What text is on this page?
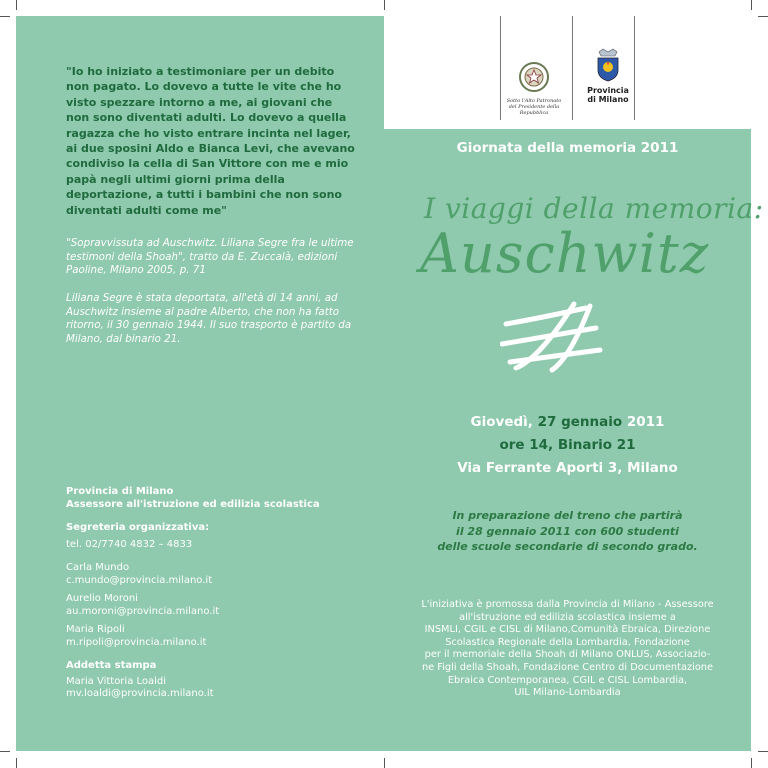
Sotto l'Alto Patronato del Presidente della Repubblica
Provincia
di Milano

"Io ho iniziato a testimoniare per un debito non pagato. Lo dovevo a tutte le vite che ho visto spezzare intorno a me, ai giovani che non sono diventati adulti. Lo dovevo a quella ragazza che ho visto entrare incinta nel lager, ai due sposini Aldo e Bianca Levi, che avevano condiviso la cella di San Vittore con me e mio papà negli ultimi giorni prima della deportazione, a tutti i bambini che non sono diventati adulti come me"

"Sopravvissuta ad Auschwitz. Liliana Segre fra le ultime testimoni della Shoah", tratto da E. Zuccalà, edizioni Paoline, Milano 2005, p. 71

Liliana Segre è stata deportata, all'età di 14 anni, ad Auschwitz insieme al padre Alberto, che non ha fatto ritorno, il 30 gennaio 1944. Il suo trasporto è partito da Milano, dal binario 21.

Provincia di Milano
Assessore all'istruzione ed edilizia scolastica
Segreteria organizzativa:
tel. 02/7740 4832 – 4833
Carla Mundo
c.mundo@provincia.milano.it
Aurelio Moroni
au.moroni@provincia.milano.it
Maria Ripoli
m.ripoli@provincia.milano.it
Addetta stampa
Maria Vittoria Loaldi
mv.loaldi@provincia.milano.it
Giornata della memoria 2011
I viaggi della memoria:
Auschwitz
Giovedì, 27 gennaio 2011
ore 14, Binario 21
Via Ferrante Aporti 3, Milano
In preparazione del treno che partirà
il 28 gennaio 2011 con 600 studenti
delle scuole secondarie di secondo grado.
L'iniziativa è promossa dalla Provincia di Milano - Assessore
all'istruzione ed edilizia scolastica insieme a
INSMLI, CGIL e CISL di Milano,Comunità Ebraica, Direzione
Scolastica Regionale della Lombardia, Fondazione
per il memoriale della Shoah di Milano ONLUS, Associazio-
ne Figli della Shoah, Fondazione Centro di Documentazione
Ebraica Contemporanea, CGIL e CISL Lombardia,
UIL Milano-Lombardia
